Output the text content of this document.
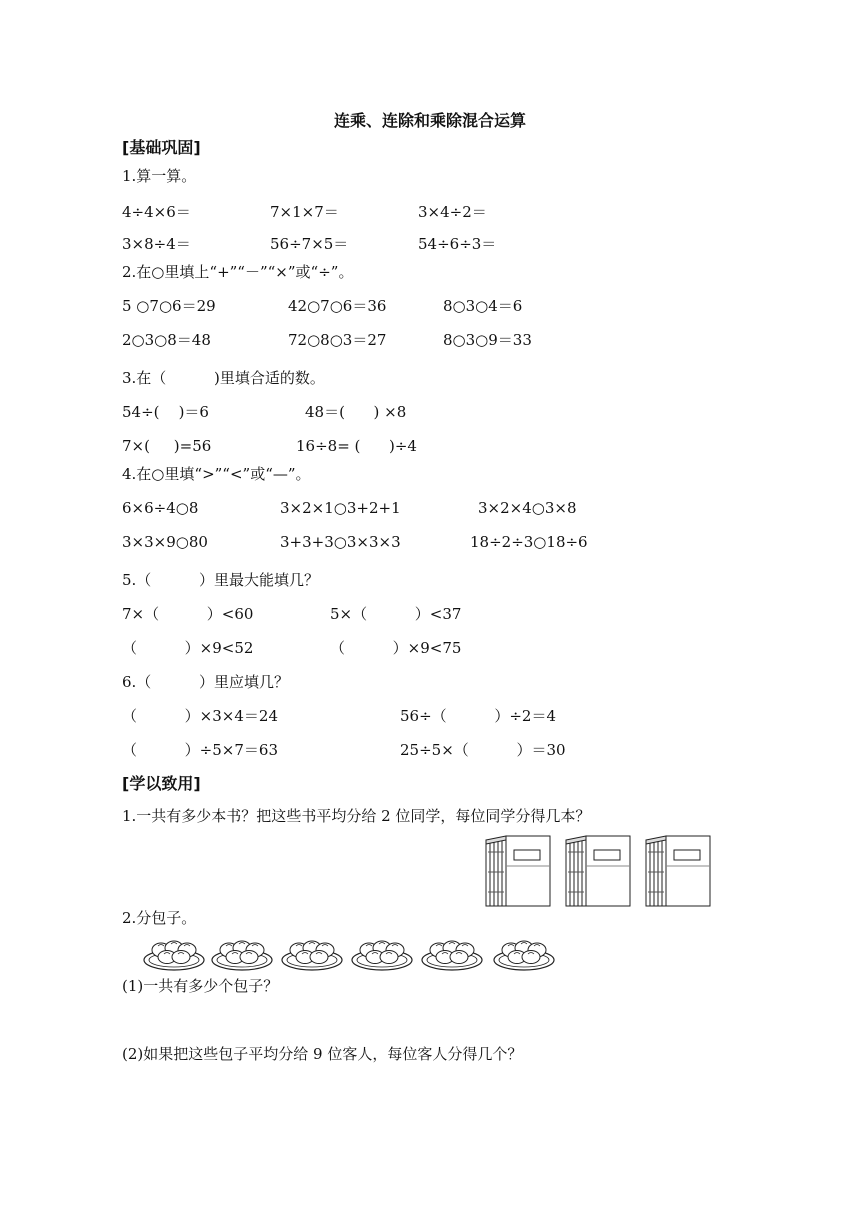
连乘、连除和乘除混合运算
[基础巩固]
1.算一算。
4÷4×6＝	7×1×7＝	3×4÷2＝
3×8÷4＝	56÷7×5＝	54÷6÷3＝
2.在○里填上“+”“－”“×”或“÷”。
5 ○7○6＝29	42○7○6＝36	8○3○4＝6
2○3○8＝48	72○8○3＝27	8○3○9＝33
3.在（          )里填合适的数。
54÷(    )＝6	48＝(      ) ×8
7×(     )=56	16÷8= (      )÷4
4.在○里填“>”“<”或“—”。
6×6÷4○8	3×2×1○3+2+1	3×2×4○3×8
3×3×9○80	3+3+3○3×3×3	18÷2÷3○18÷6
5.（          ）里最大能填几？
7×（          ）<60	5×（          ）<37
（          ）×9<52	（          ）×9<75
6.（          ）里应填几？
（          ）×3×4＝24	56÷（          ）÷2＝4
（          ）÷5×7＝63	25÷5×（          ）＝30
[学以致用]
1.一共有多少本书？把这些书平均分给 2 位同学，每位同学分得几本？
2.分包子。
(1)一共有多少个包子？
(2)如果把这些包子平均分给 9 位客人，每位客人分得几个？
